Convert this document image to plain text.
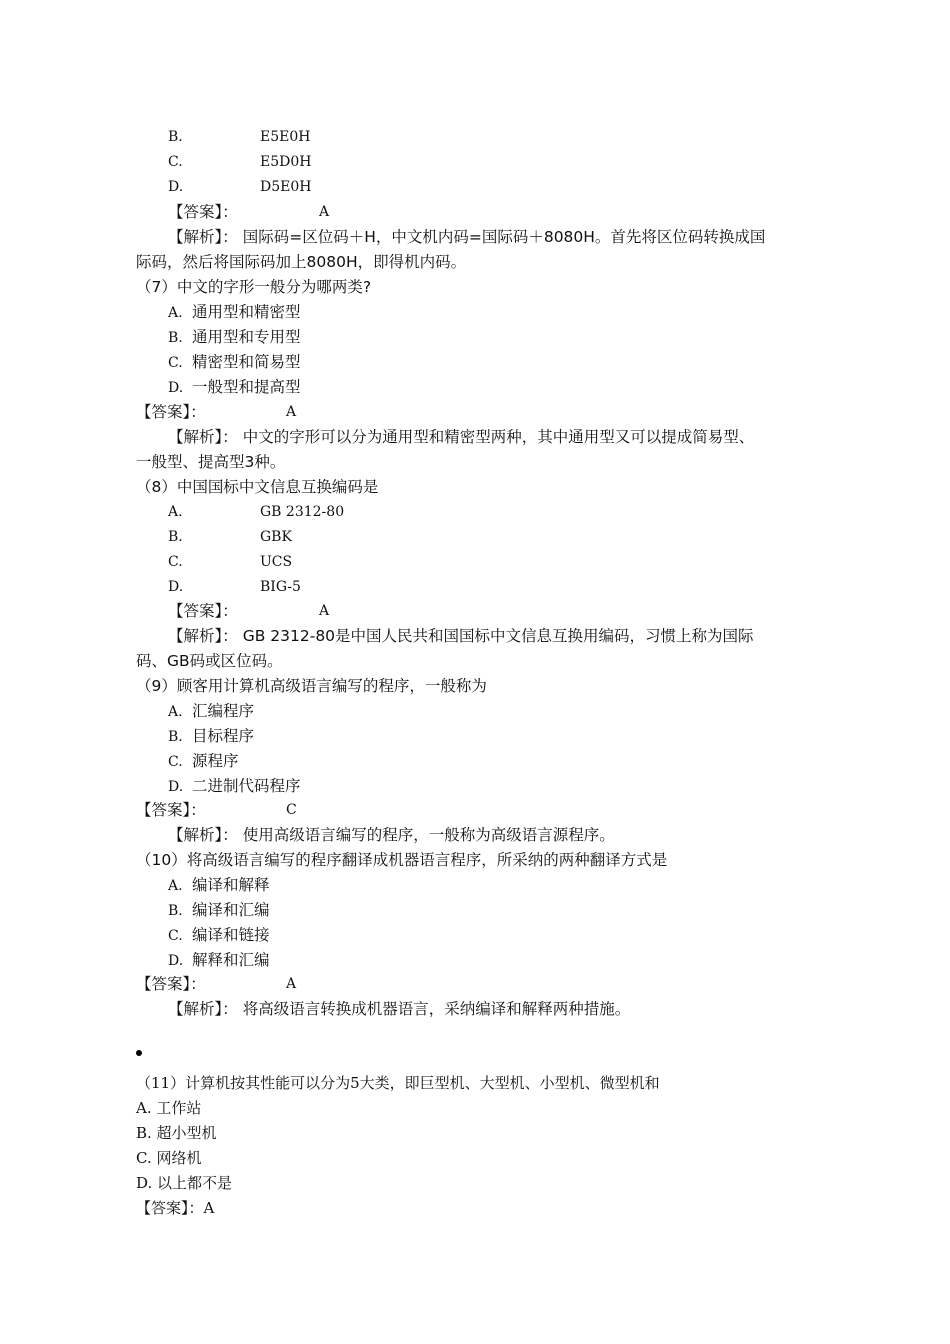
B.	E5E0H
C.	E5D0H
D.	D5E0H
【答案】：	A
【解析】： 国际码=区位码＋H，中文机内码=国际码＋8080H。首先将区位码转换成国
际码，然后将国际码加上8080H，即得机内码。
（7）中文的字形一般分为哪两类?
A. 通用型和精密型
B. 通用型和专用型
C. 精密型和简易型
D. 一般型和提高型
【答案】：	A
【解析】： 中文的字形可以分为通用型和精密型两种，其中通用型又可以提成简易型、
一般型、提高型3种。
（8）中国国标中文信息互换编码是
A.	GB 2312-80
B.	GBK
C.	UCS
D.	BIG-5
【答案】：	A
【解析】： GB 2312-80是中国人民共和国国标中文信息互换用编码，习惯上称为国际
码、GB码或区位码。
（9）顾客用计算机高级语言编写的程序，一般称为
A. 汇编程序
B. 目标程序
C. 源程序
D. 二进制代码程序
【答案】：	C
【解析】： 使用高级语言编写的程序，一般称为高级语言源程序。
（10）将高级语言编写的程序翻译成机器语言程序，所采纳的两种翻译方式是
A. 编译和解释
B. 编译和汇编
C. 编译和链接
D. 解释和汇编
【答案】：	A
【解析】： 将高级语言转换成机器语言，采纳编译和解释两种措施。
（11）计算机按其性能可以分为5大类，即巨型机、大型机、小型机、微型机和
A. 工作站
B. 超小型机
C. 网络机
D. 以上都不是
【答案】：A
